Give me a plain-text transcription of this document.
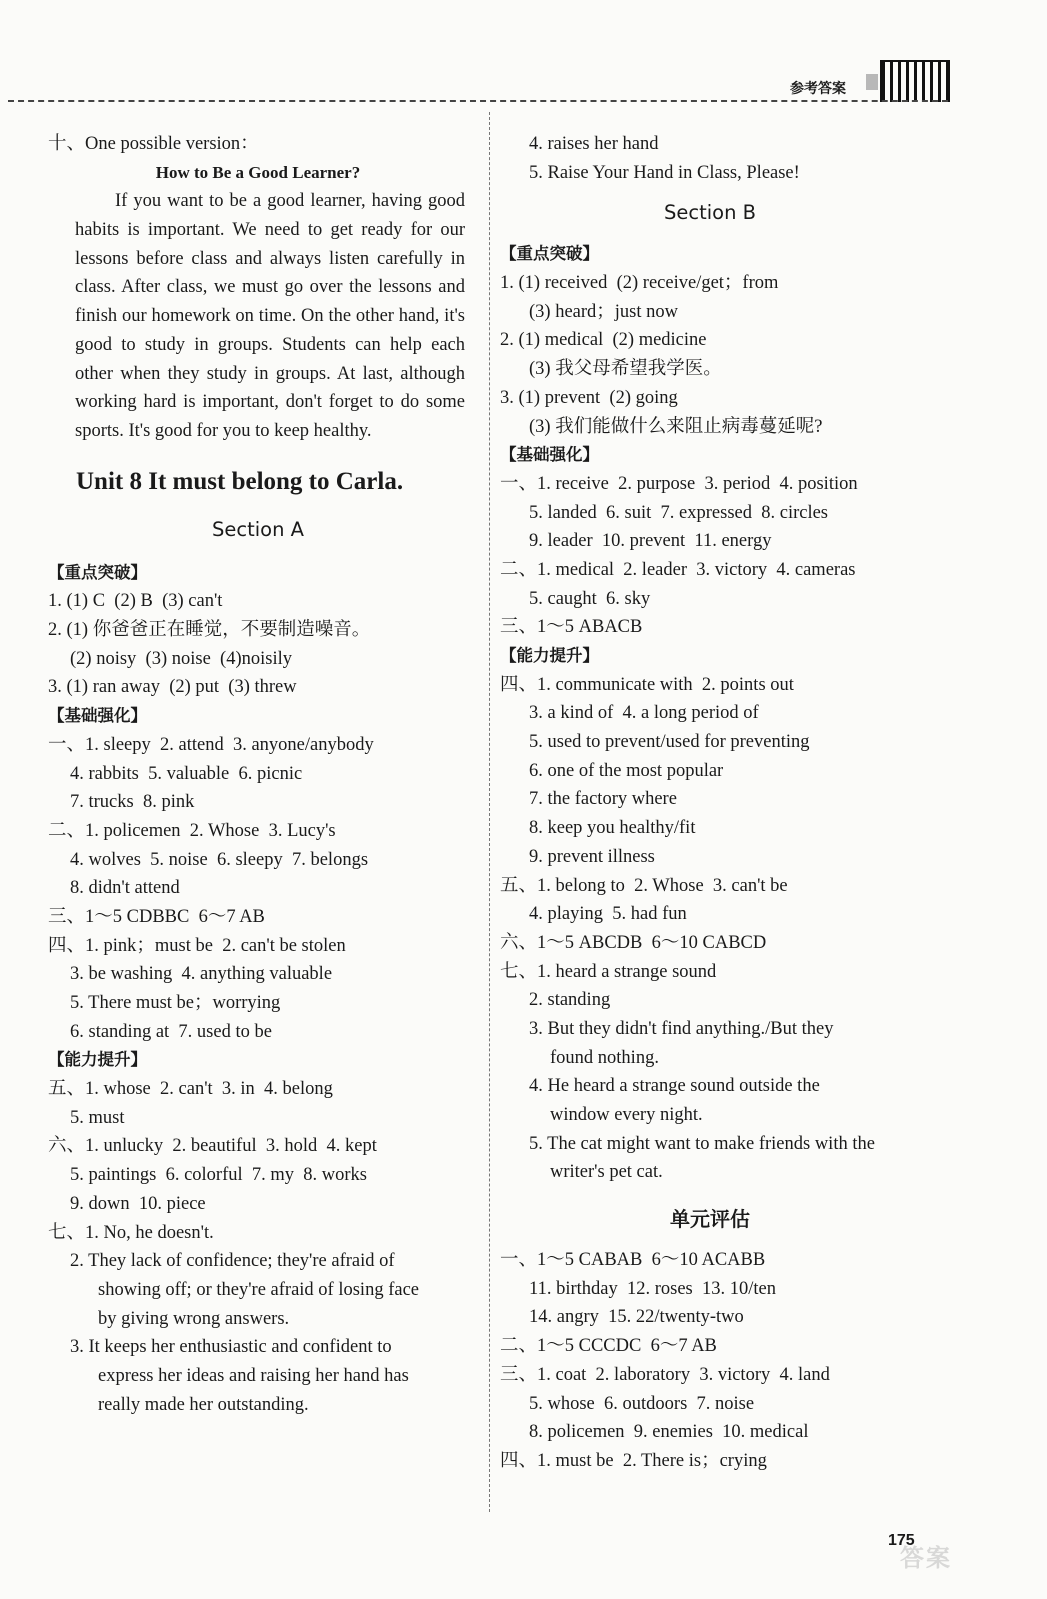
参考答案
十、One possible version：
How to Be a Good Learner?

If you want to be a good learner, having good habits is important. We need to get ready for our lessons before class and always listen carefully in class. After class, we must go over the lessons and finish our homework on time. On the other hand, it's good to study in groups. Students can help each other when they study in groups. At last, although working hard is important, don't forget to do some sports. It's good for you to keep healthy.

Unit 8 It must belong to Carla.
Section A
【重点突破】
1. (1) C  (2) B  (3) can't
2. (1) 你爸爸正在睡觉，不要制造噪音。
(2) noisy  (3) noise  (4)noisily
3. (1) ran away  (2) put  (3) threw
【基础强化】
一、1. sleepy  2. attend  3. anyone/anybody
4. rabbits  5. valuable  6. picnic
7. trucks  8. pink
二、1. policemen  2. Whose  3. Lucy's
4. wolves  5. noise  6. sleepy  7. belongs
8. didn't attend
三、1～5 CDBBC  6～7 AB
四、1. pink；must be  2. can't be stolen
3. be washing  4. anything valuable
5. There must be；worrying
6. standing at  7. used to be
【能力提升】
五、1. whose  2. can't  3. in  4. belong
5. must
六、1. unlucky  2. beautiful  3. hold  4. kept
5. paintings  6. colorful  7. my  8. works
9. down  10. piece
七、1. No, he doesn't.
2. They lack of confidence; they're afraid of
showing off; or they're afraid of losing face
by giving wrong answers.
3. It keeps her enthusiastic and confident to
express her ideas and raising her hand has
really made her outstanding.
4. raises her hand
5. Raise Your Hand in Class, Please!
Section B
【重点突破】
1. (1) received  (2) receive/get；from
(3) heard；just now
2. (1) medical  (2) medicine
(3) 我父母希望我学医。
3. (1) prevent  (2) going
(3) 我们能做什么来阻止病毒蔓延呢?
【基础强化】
一、1. receive  2. purpose  3. period  4. position
5. landed  6. suit  7. expressed  8. circles
9. leader  10. prevent  11. energy
二、1. medical  2. leader  3. victory  4. cameras
5. caught  6. sky
三、1～5 ABACB
【能力提升】
四、1. communicate with  2. points out
3. a kind of  4. a long period of
5. used to prevent/used for preventing
6. one of the most popular
7. the factory where
8. keep you healthy/fit
9. prevent illness
五、1. belong to  2. Whose  3. can't be
4. playing  5. had fun
六、1～5 ABCDB  6～10 CABCD
七、1. heard a strange sound
2. standing
3. But they didn't find anything./But they
found nothing.
4. He heard a strange sound outside the
window every night.
5. The cat might want to make friends with the
writer's pet cat.
单元评估
一、1～5 CABAB  6～10 ACABB
11. birthday  12. roses  13. 10/ten
14. angry  15. 22/twenty-two
二、1～5 CCCDC  6～7 AB
三、1. coat  2. laboratory  3. victory  4. land
5. whose  6. outdoors  7. noise
8. policemen  9. enemies  10. medical
四、1. must be  2. There is；crying
175
答案
